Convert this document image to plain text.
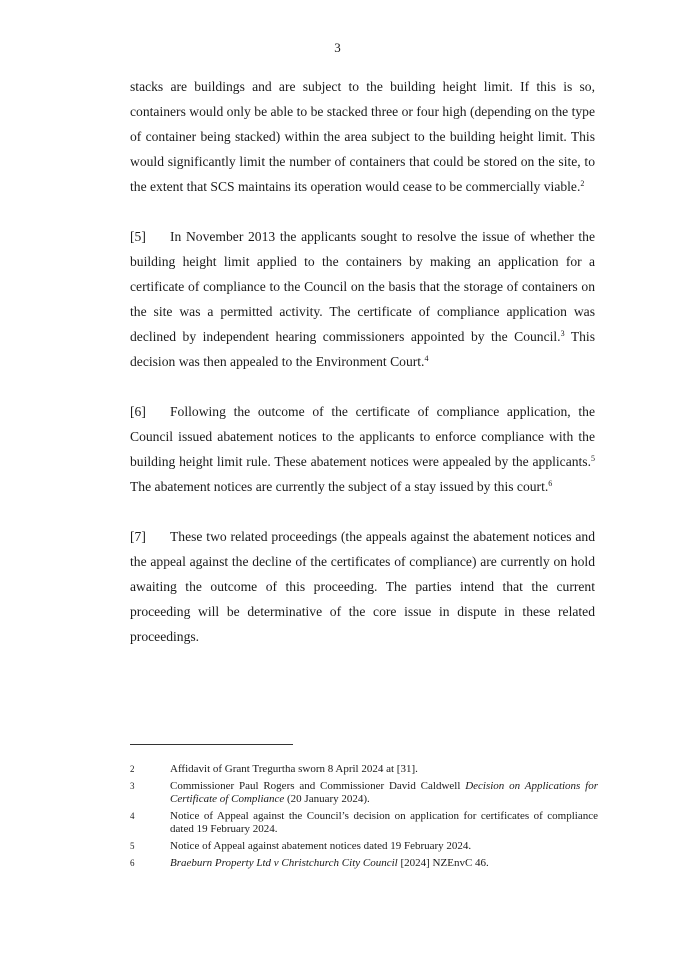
3

stacks are buildings and are subject to the building height limit. If this is so, containers would only be able to be stacked three or four high (depending on the type of container being stacked) within the area subject to the building height limit. This would significantly limit the number of containers that could be stored on the site, to the extent that SCS maintains its operation would cease to be commercially viable.$^2$

[5] In November 2013 the applicants sought to resolve the issue of whether the building height limit applied to the containers by making an application for a certificate of compliance to the Council on the basis that the storage of containers on the site was a permitted activity. The certificate of compliance application was declined by independent hearing commissioners appointed by the Council.$^3$ This decision was then appealed to the Environment Court.$^4$

[6] Following the outcome of the certificate of compliance application, the Council issued abatement notices to the applicants to enforce compliance with the building height limit rule. These abatement notices were appealed by the applicants.$^5$ The abatement notices are currently the subject of a stay issued by this court.$^6$

[7] These two related proceedings (the appeals against the abatement notices and the appeal against the decline of the certificates of compliance) are currently on hold awaiting the outcome of this proceeding. The parties intend that the current proceeding will be determinative of the core issue in dispute in these related proceedings.

2	Affidavit of Grant Tregurtha sworn 8 April 2024 at [31].
3	Commissioner Paul Rogers and Commissioner David Caldwell Decision on Applications for Certificate of Compliance (20 January 2024).
4	Notice of Appeal against the Council’s decision on application for certificates of compliance dated 19 February 2024.
5	Notice of Appeal against abatement notices dated 19 February 2024.
6	Braeburn Property Ltd v Christchurch City Council [2024] NZEnvC 46.
